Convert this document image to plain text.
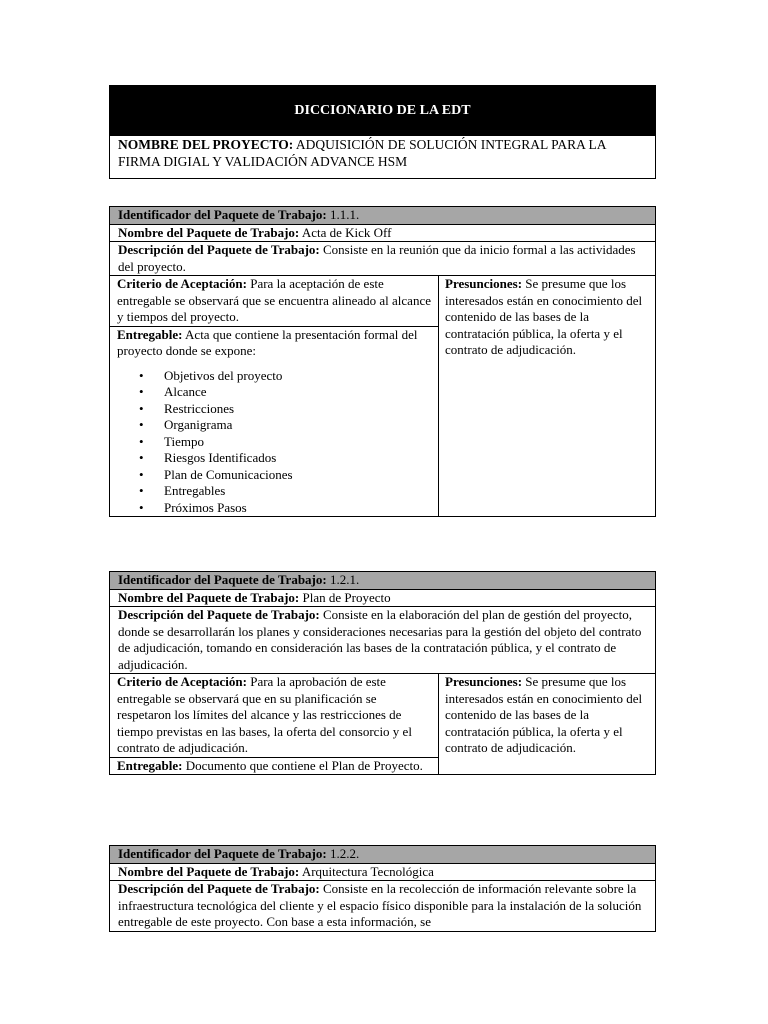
DICCIONARIO DE LA EDT
NOMBRE DEL PROYECTO: ADQUISICIÓN DE SOLUCIÓN INTEGRAL PARA LA FIRMA DIGIAL Y VALIDACIÓN ADVANCE HSM
Identificador del Paquete de Trabajo: 1.1.1.
Nombre del Paquete de Trabajo: Acta de Kick Off
Descripción del Paquete de Trabajo: Consiste en la reunión que da inicio formal a las actividades del proyecto.
Criterio de Aceptación: Para la aceptación de este entregable se observará que se encuentra alineado al alcance y tiempos del proyecto.
Entregable: Acta que contiene la presentación formal del proyecto donde se expone:
• Objetivos del proyecto
• Alcance
• Restricciones
• Organigrama
• Tiempo
• Riesgos Identificados
• Plan de Comunicaciones
• Entregables
• Próximos Pasos
Presunciones: Se presume que los interesados están en conocimiento del contenido de las bases de la contratación pública, la oferta y el contrato de adjudicación.
Identificador del Paquete de Trabajo: 1.2.1.
Nombre del Paquete de Trabajo: Plan de Proyecto
Descripción del Paquete de Trabajo: Consiste en la elaboración del plan de gestión del proyecto, donde se desarrollarán los planes y consideraciones necesarias para la gestión del objeto del contrato de adjudicación, tomando en consideración las bases de la contratación pública, y el contrato de adjudicación.
Criterio de Aceptación: Para la aprobación de este entregable se observará que en su planificación se respetaron los límites del alcance y las restricciones de tiempo previstas en las bases, la oferta del consorcio y el contrato de adjudicación.
Entregable: Documento que contiene el Plan de Proyecto.
Presunciones: Se presume que los interesados están en conocimiento del contenido de las bases de la contratación pública, la oferta y el contrato de adjudicación.
Identificador del Paquete de Trabajo: 1.2.2.
Nombre del Paquete de Trabajo: Arquitectura Tecnológica
Descripción del Paquete de Trabajo: Consiste en la recolección de información relevante sobre la infraestructura tecnológica del cliente y el espacio físico disponible para la instalación de la solución entregable de este proyecto. Con base a esta información, se
